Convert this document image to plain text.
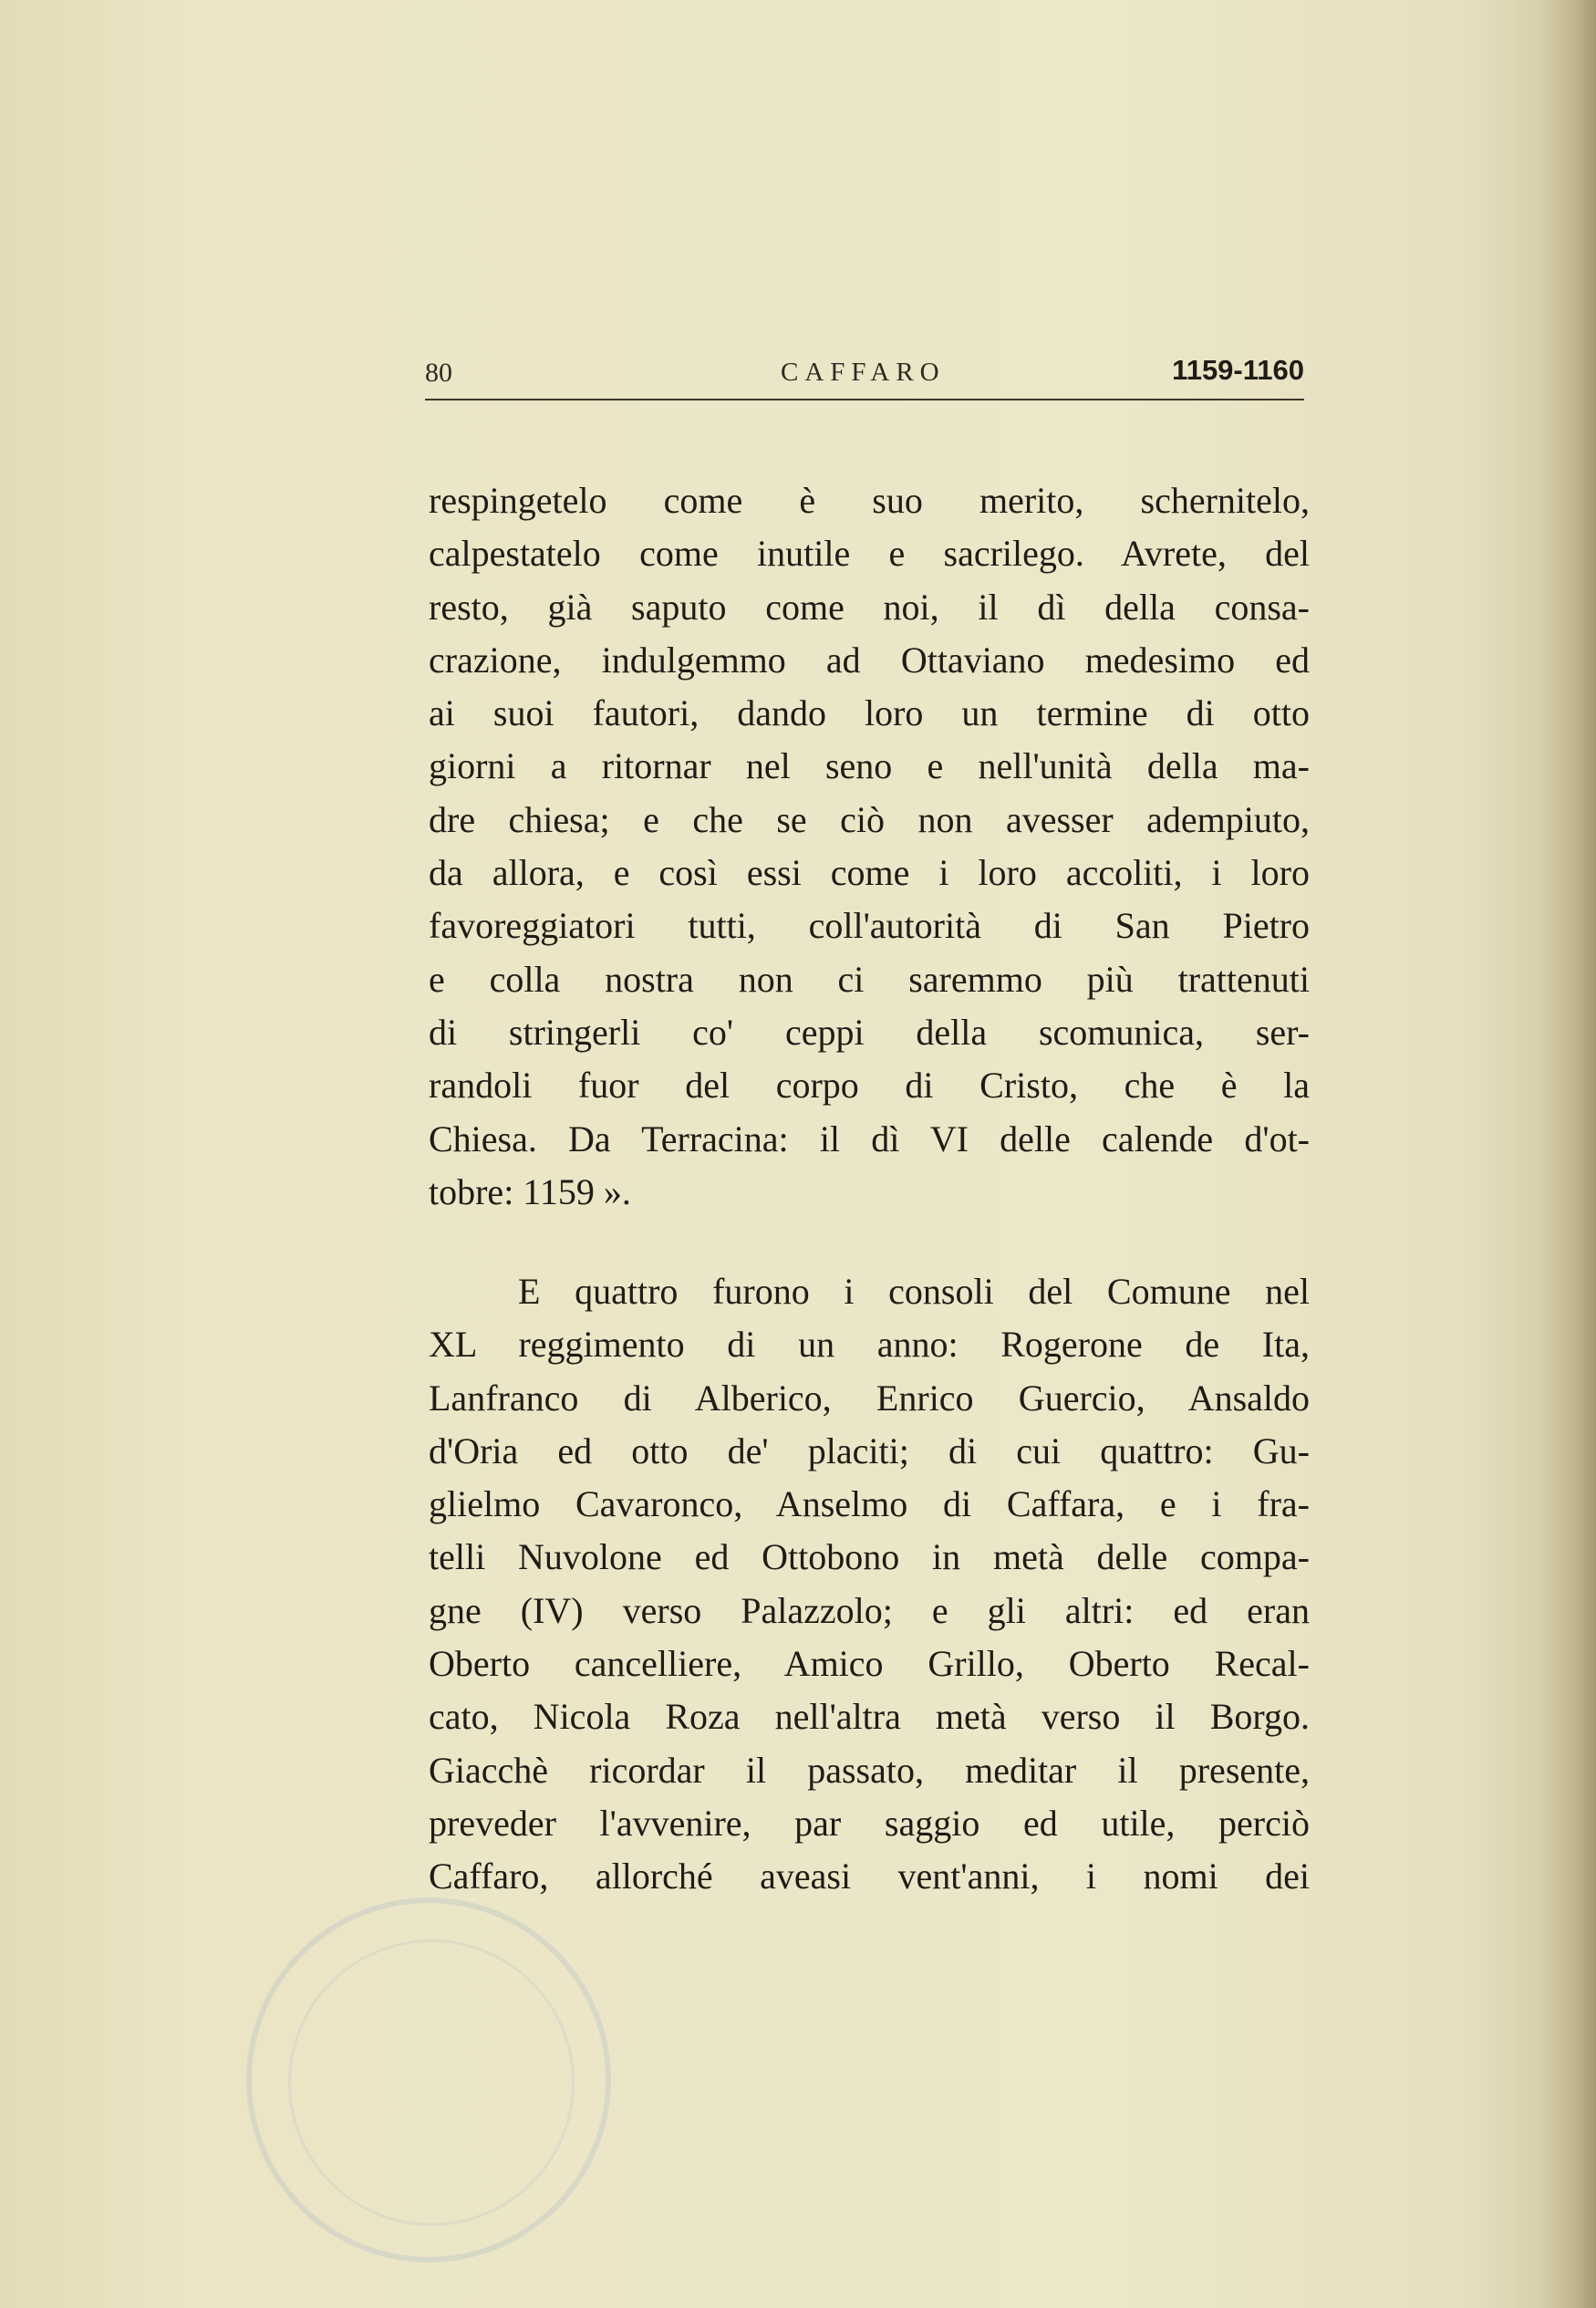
80	CAFFARO	1159-1160
respingetelo come è suo merito, schernitelo,
calpestatelo come inutile e sacrilego. Avrete, del
resto, già saputo come noi, il dì della consa-
crazione, indulgemmo ad Ottaviano medesimo ed
ai suoi fautori, dando loro un termine di otto
giorni a ritornar nel seno e nell'unità della ma-
dre chiesa; e che se ciò non avesser adempiuto,
da allora, e così essi come i loro accoliti, i loro
favoreggiatori tutti, coll'autorità di San Pietro
e colla nostra non ci saremmo più trattenuti
di stringerli co' ceppi della scomunica, ser-
randoli fuor del corpo di Cristo, che è la
Chiesa. Da Terracina: il dì VI delle calende d'ot-
tobre: 1159 ».
E quattro furono i consoli del Comune nel
XL reggimento di un anno: Rogerone de Ita,
Lanfranco di Alberico, Enrico Guercio, Ansaldo
d'Oria ed otto de' placiti; di cui quattro: Gu-
glielmo Cavaronco, Anselmo di Caffara, e i fra-
telli Nuvolone ed Ottobono in metà delle compa-
gne (IV) verso Palazzolo; e gli altri: ed eran
Oberto cancelliere, Amico Grillo, Oberto Recal-
cato, Nicola Roza nell'altra metà verso il Borgo.
Giacchè ricordar il passato, meditar il presente,
preveder l'avvenire, par saggio ed utile, perciò
Caffaro, allorché aveasi vent'anni, i nomi dei
